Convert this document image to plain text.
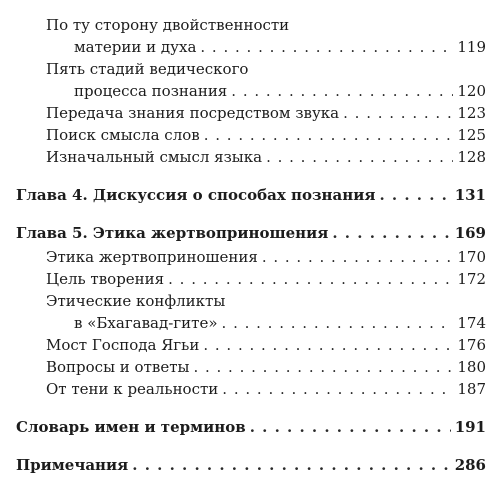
По ту сторону двойственности
материи и духа . . .	119
Пять стадий ведического
процесса познания . . .	120
Передача знания посредством звука . . .	123
Поиск смысла слов . . .	125
Изначальный смысл языка . . .	128
Глава 4. Дискуссия о способах познания . . .	131
Глава 5. Этика жертвоприношения . . .	169
Этика жертвоприношения . . .	170
Цель творения . . .	172
Этические конфликты
в «Бхагавад-гите» . . .	174
Мост Господа Ягьи . . .	176
Вопросы и ответы . . .	180
От тени к реальности . . .	187
Словарь имен и терминов . . .	191
Примечания . . .	286
